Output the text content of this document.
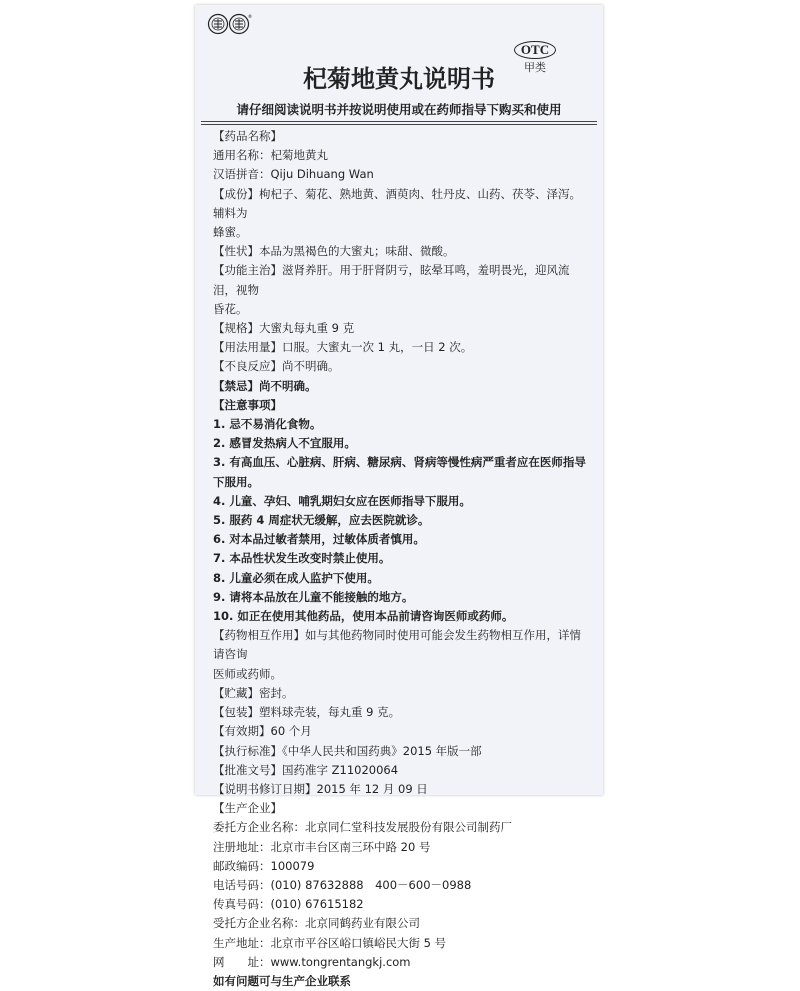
®
OTC
甲类
杞菊地黄丸说明书
请仔细阅读说明书并按说明使用或在药师指导下购买和使用

【药品名称】

通用名称：杞菊地黄丸

汉语拼音：Qiju Dihuang Wan

【成份】枸杞子、菊花、熟地黄、酒萸肉、牡丹皮、山药、茯苓、泽泻。辅料为

蜂蜜。

【性状】本品为黑褐色的大蜜丸；味甜、微酸。

【功能主治】滋肾养肝。用于肝肾阴亏，眩晕耳鸣，羞明畏光，迎风流泪，视物

昏花。

【规格】大蜜丸每丸重 9 克

【用法用量】口服。大蜜丸一次 1 丸，一日 2 次。

【不良反应】尚不明确。

【禁忌】尚不明确。

【注意事项】

1. 忌不易消化食物。

2. 感冒发热病人不宜服用。

3. 有高血压、心脏病、肝病、糖尿病、肾病等慢性病严重者应在医师指导下服用。

4. 儿童、孕妇、哺乳期妇女应在医师指导下服用。

5. 服药 4 周症状无缓解，应去医院就诊。

6. 对本品过敏者禁用，过敏体质者慎用。

7. 本品性状发生改变时禁止使用。

8. 儿童必须在成人监护下使用。

9. 请将本品放在儿童不能接触的地方。

10. 如正在使用其他药品，使用本品前请咨询医师或药师。

【药物相互作用】如与其他药物同时使用可能会发生药物相互作用，详情请咨询

医师或药师。

【贮藏】密封。

【包装】塑料球壳装，每丸重 9 克。

【有效期】60 个月

【执行标准】《中华人民共和国药典》2015 年版一部

【批准文号】国药准字 Z11020064

【说明书修订日期】2015 年 12 月 09 日

【生产企业】

委托方企业名称：北京同仁堂科技发展股份有限公司制药厂

注册地址：北京市丰台区南三环中路 20 号

邮政编码：100079

电话号码：(010) 87632888　400－600－0988

传真号码：(010) 67615182

受托方企业名称：北京同鹤药业有限公司

生产地址：北京市平谷区峪口镇峪民大街 5 号

网　　址：www.tongrentangkj.com

如有问题可与生产企业联系
